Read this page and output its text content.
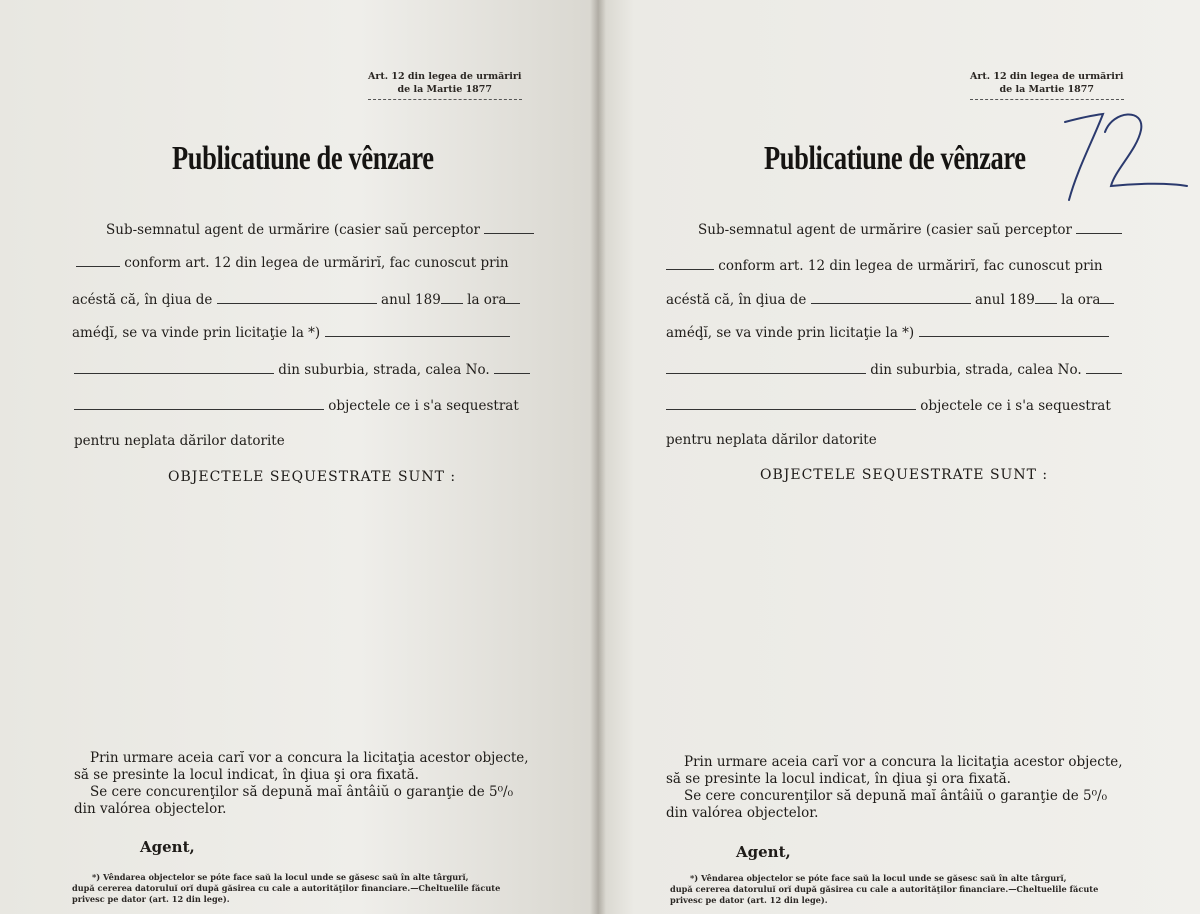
Art. 12 din legea de urmăriri
de la Martie 1877
Publicatiune de vênzare
Sub-semnatul agent de urmărire (casier saŭ perceptor
conform art. 12 din legea de urmărirĭ, fac cunoscut prin
acéstă că, în ḑiua de	anul 189 la ora
améḑĭ, se va vinde prin licitaţie la *)
din suburbia, strada, calea No.
objectele ce i s'a sequestrat
pentru neplata dărilor datorite
OBJECTELE SEQUESTRATE SUNT :
Prin urmare aceia carĭ vor a concura la licitaţia acestor objecte,
să se presinte la locul indicat, în ḑiua şi ora fixată.
Se cere concurenţilor să depună maĭ ântâiŭ o garanţie de 5⁰/₀
din valórea objectelor.
Agent,
*) Vêndarea objectelor se póte face saŭ la locul unde se găsesc saŭ în alte târgurĭ,
după cererea datoruluĭ orĭ după găsirea cu cale a autorităţilor financiare.—Cheltuelile făcute
privesc pe dator (art. 12 din lege).
Art. 12 din legea de urmăriri
de la Martie 1877
Publicatiune de vênzare
Sub-semnatul agent de urmărire (casier saŭ perceptor
conform art. 12 din legea de urmărirĭ, fac cunoscut prin
acéstă că, în ḑiua de	anul 189 la ora
améḑĭ, se va vinde prin licitaţie la *)
din suburbia, strada, calea No.
objectele ce i s'a sequestrat
pentru neplata dărilor datorite
OBJECTELE SEQUESTRATE SUNT :
Prin urmare aceia carĭ vor a concura la licitaţia acestor objecte,
să se presinte la locul indicat, în ḑiua şi ora fixată.
Se cere concurenţilor să depună maĭ ântâiŭ o garanţie de 5⁰/₀
din valórea objectelor.
Agent,
*) Vêndarea objectelor se póte face saŭ la locul unde se găsesc saŭ în alte târgurĭ,
după cererea datoruluĭ orĭ după găsirea cu cale a autorităţilor financiare.—Cheltuelile făcute
privesc pe dator (art. 12 din lege).
